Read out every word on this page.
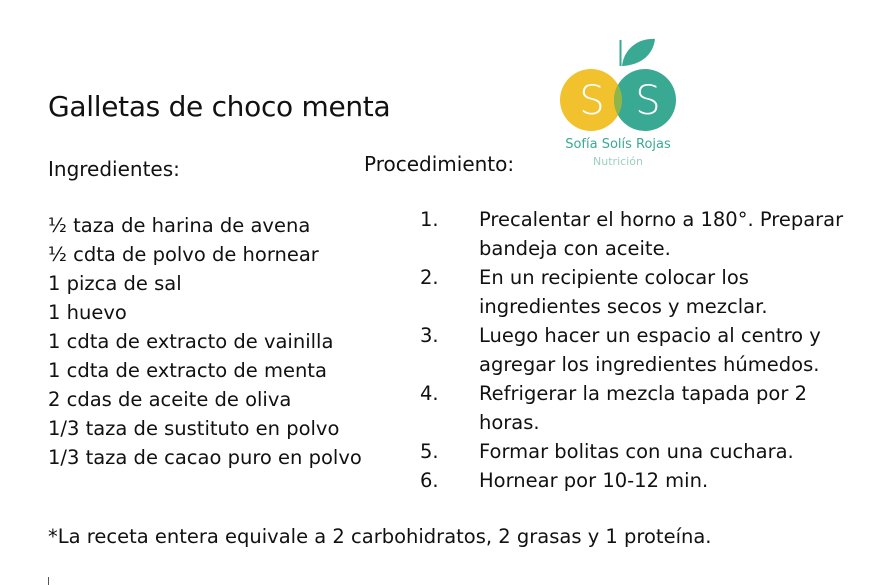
Galletas de choco menta	S S
Sofía Solís Rojas
Nutrición
Ingredientes:	Procedimiento:
½ taza de harina de avena
½ cdta de polvo de hornear
1 pizca de sal
1 huevo
1 cdta de extracto de vainilla
1 cdta de extracto de menta
2 cdas de aceite de oliva
1/3 taza de sustituto en polvo
1/3 taza de cacao puro en polvo
1. Precalentar el horno a 180°. Preparar bandeja con aceite.
2. En un recipiente colocar los ingredientes secos y mezclar.
3. Luego hacer un espacio al centro y agregar los ingredientes húmedos.
4. Refrigerar la mezcla tapada por 2 horas.
5. Formar bolitas con una cuchara.
6. Hornear por 10-12 min.
*La receta entera equivale a 2 carbohidratos, 2 grasas y 1 proteína.
